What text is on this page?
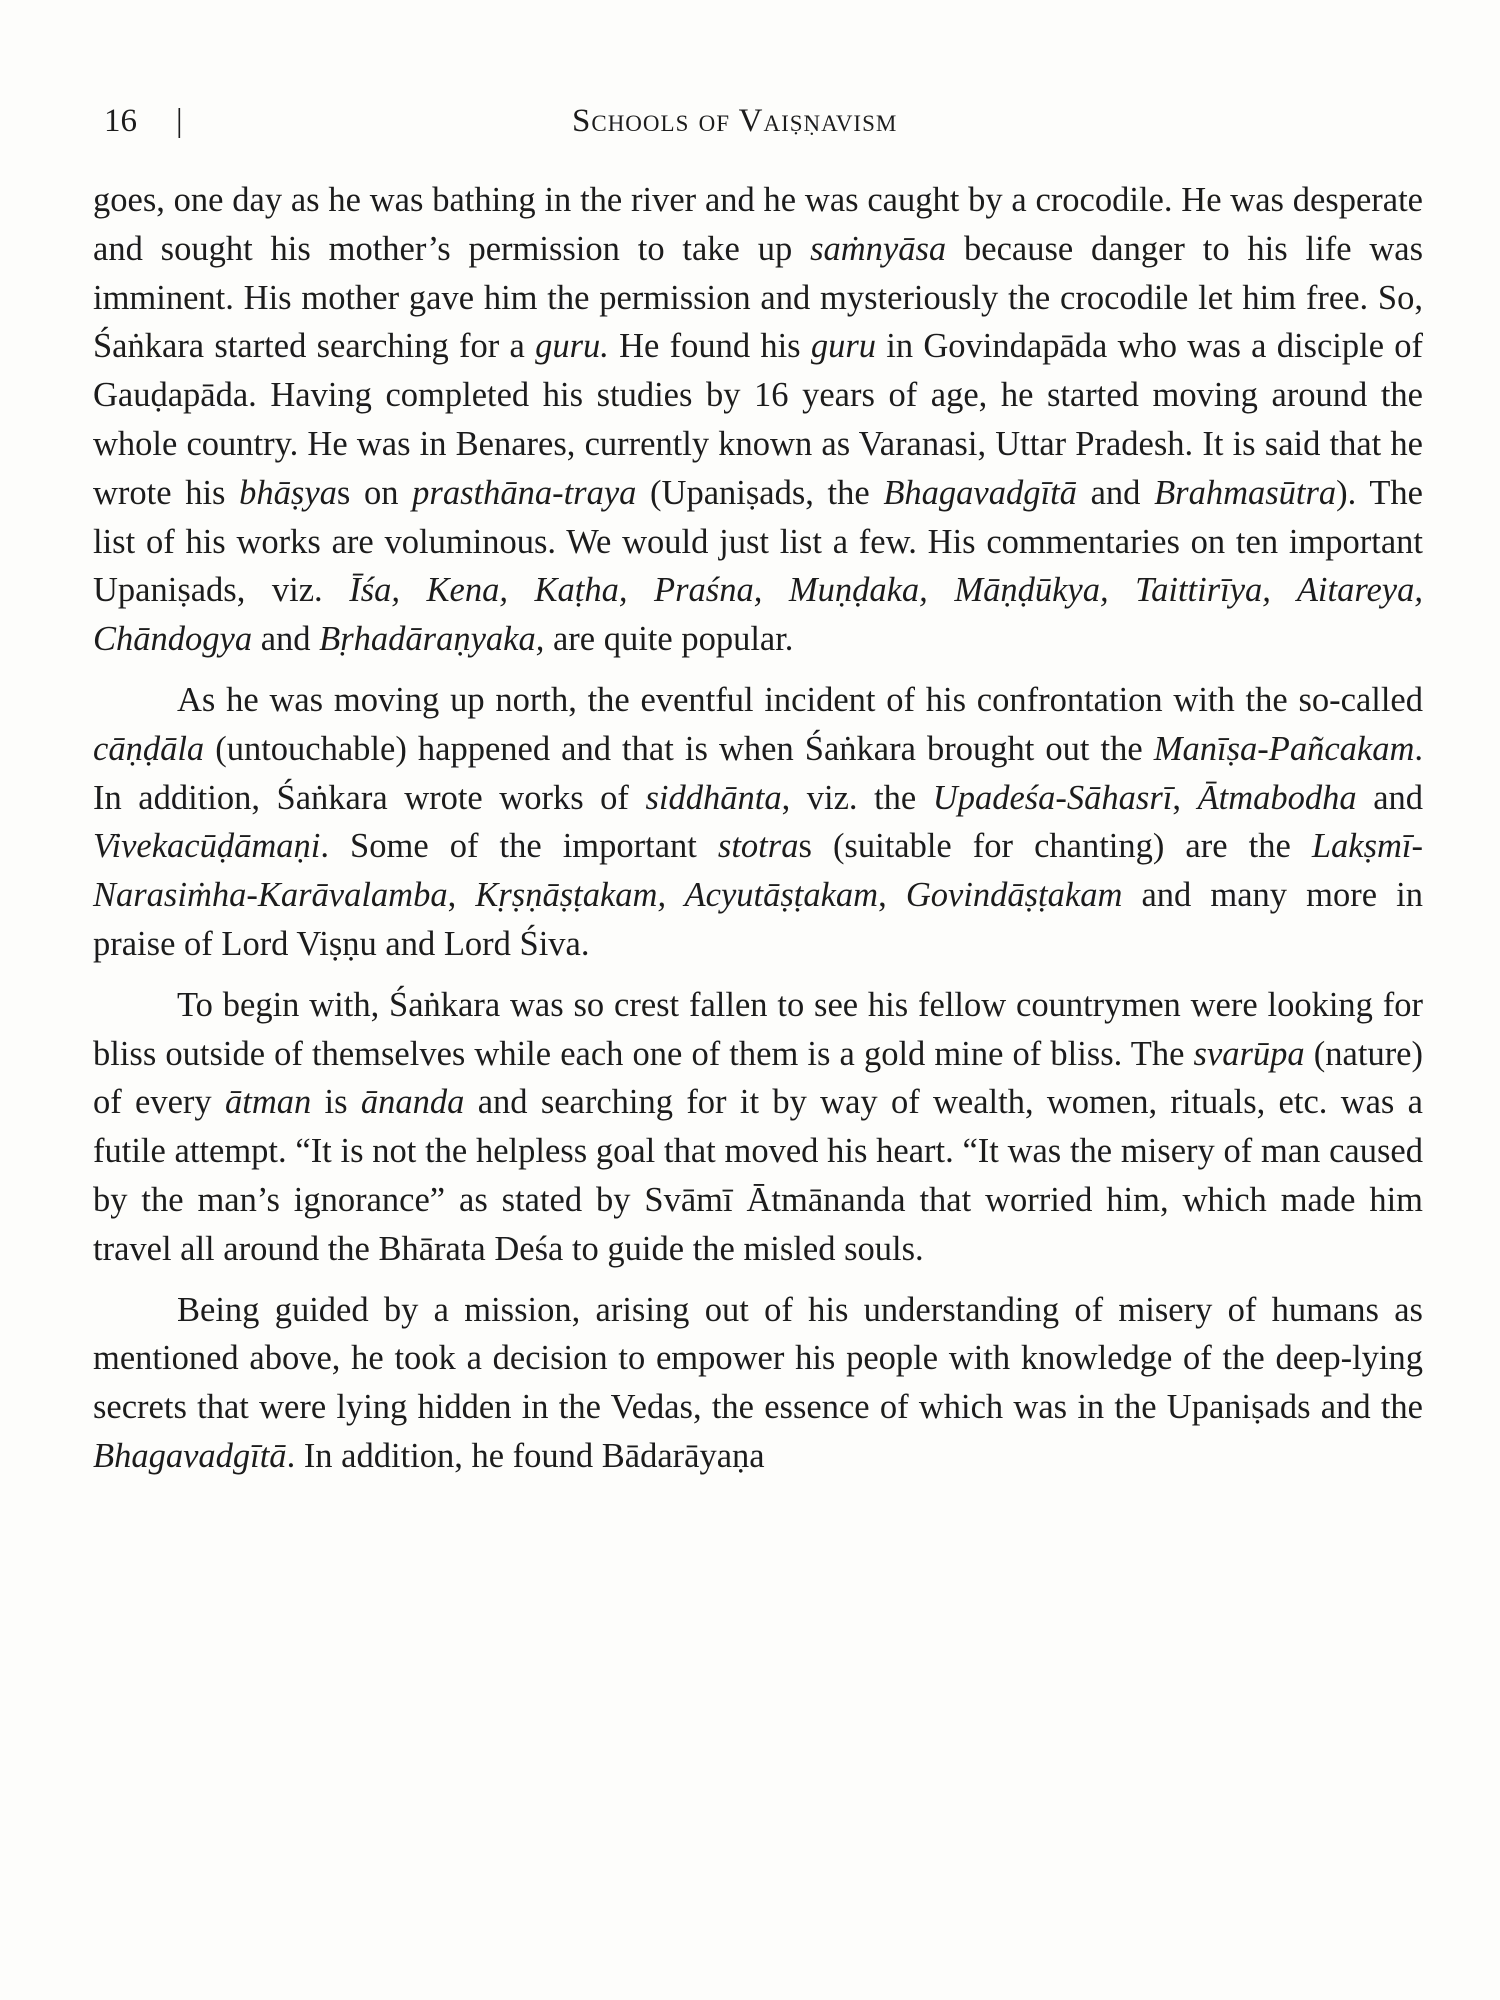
16 |	Schools of Vaiṣṇavism

goes, one day as he was bathing in the river and he was caught by a crocodile. He was desperate and sought his mother’s permission to take up saṁnyāsa because danger to his life was imminent. His mother gave him the permission and mysteriously the crocodile let him free. So, Śaṅkara started searching for a guru. He found his guru in Govindapāda who was a disciple of Gauḍapāda. Having completed his studies by 16 years of age, he started moving around the whole country. He was in Benares, currently known as Varanasi, Uttar Pradesh. It is said that he wrote his bhāṣyas on prasthāna-traya (Upaniṣads, the Bhagavadgītā and Brahmasūtra). The list of his works are voluminous. We would just list a few. His commentaries on ten important Upaniṣads, viz. Īśa, Kena, Kaṭha, Praśna, Muṇḍaka, Māṇḍūkya, Taittirīya, Aitareya, Chāndogya and Bṛhadāraṇyaka, are quite popular.

As he was moving up north, the eventful incident of his confrontation with the so-called cāṇḍāla (untouchable) happened and that is when Śaṅkara brought out the Manīṣa-Pañcakam. In addition, Śaṅkara wrote works of siddhānta, viz. the Upadeśa-Sāhasrī, Ātmabodha and Vivekacūḍāmaṇi. Some of the important stotras (suitable for chanting) are the Lakṣmī-Narasiṁha-Karāvalamba, Kṛṣṇāṣṭakam, Acyutāṣṭakam, Govindāṣṭakam and many more in praise of Lord Viṣṇu and Lord Śiva.

To begin with, Śaṅkara was so crest fallen to see his fellow countrymen were looking for bliss outside of themselves while each one of them is a gold mine of bliss. The svarūpa (nature) of every ātman is ānanda and searching for it by way of wealth, women, rituals, etc. was a futile attempt. “It is not the helpless goal that moved his heart. “It was the misery of man caused by the man’s ignorance” as stated by Svāmī Ātmānanda that worried him, which made him travel all around the Bhārata Deśa to guide the misled souls.

Being guided by a mission, arising out of his understanding of misery of humans as mentioned above, he took a decision to empower his people with knowledge of the deep-lying secrets that were lying hidden in the Vedas, the essence of which was in the Upaniṣads and the Bhagavadgītā. In addition, he found Bādarāyaṇa
